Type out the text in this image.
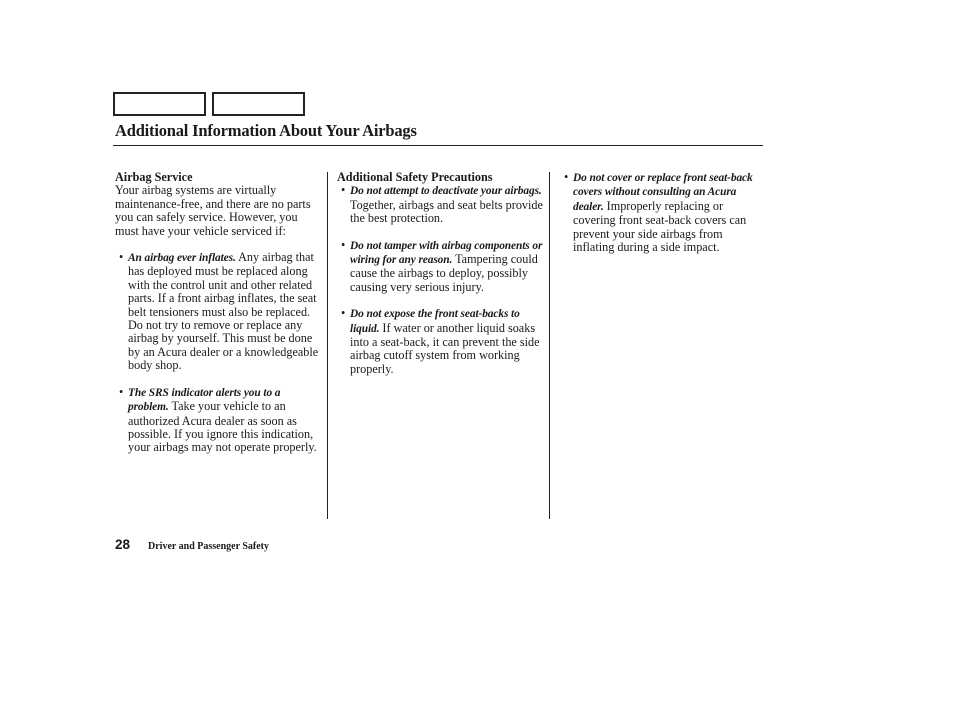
Additional Information About Your Airbags
Airbag Service

Your airbag systems are virtually maintenance-free, and there are no parts you can safely service. However, you must have your vehicle serviced if:

• An airbag ever inflates. Any airbag that has deployed must be replaced along with the control unit and other related parts. If a front airbag inflates, the seat belt tensioners must also be replaced. Do not try to remove or replace any airbag by yourself. This must be done by an Acura dealer or a knowledgeable body shop.

• The SRS indicator alerts you to a problem. Take your vehicle to an authorized Acura dealer as soon as possible. If you ignore this indication, your airbags may not operate properly.

Additional Safety Precautions

• Do not attempt to deactivate your airbags. Together, airbags and seat belts provide the best protection.

• Do not tamper with airbag components or wiring for any reason. Tampering could cause the airbags to deploy, possibly causing very serious injury.

• Do not expose the front seat-backs to liquid. If water or another liquid soaks into a seat-back, it can prevent the side airbag cutoff system from working properly.

• Do not cover or replace front seat-back covers without consulting an Acura dealer. Improperly replacing or covering front seat-back covers can prevent your side airbags from inflating during a side impact.

28 Driver and Passenger Safety
